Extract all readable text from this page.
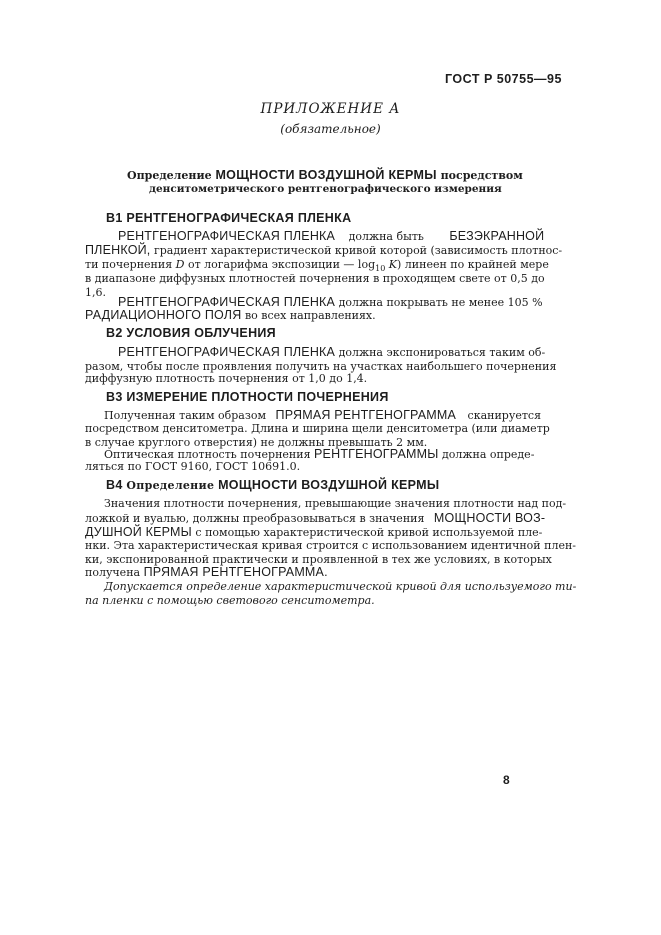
ГОСТ Р 50755—95
ПРИЛОЖЕНИЕ А
(обязательное)
Определение МОЩНОСТИ ВОЗДУШНОЙ КЕРМЫ посредством
денситометрического рентгенографического измерения
В1 РЕНТГЕНОГРАФИЧЕСКАЯ ПЛЕНКА
РЕНТГЕНОГРАФИЧЕСКАЯ ПЛЕНКА должна быть БЕЗЭКРАННОЙ
ПЛЕНКОЙ, градиент характеристической кривой которой (зависимость плотнос-
ти почернения D от логарифма экспозиции — $\log_{10} K$) линеен по крайней мере
в диапазоне диффузных плотностей почернения в проходящем свете от 0,5 до
1,6.
РЕНТГЕНОГРАФИЧЕСКАЯ ПЛЕНКА должна покрывать не менее 105 %
РАДИАЦИОННОГО ПОЛЯ во всех направлениях.
В2 УСЛОВИЯ ОБЛУЧЕНИЯ
РЕНТГЕНОГРАФИЧЕСКАЯ ПЛЕНКА должна экспонироваться таким об-
разом, чтобы после проявления получить на участках наибольшего почернения
диффузную плотность почернения от 1,0 до 1,4.
В3 ИЗМЕРЕНИЕ ПЛОТНОСТИ ПОЧЕРНЕНИЯ
Полученная таким образом ПРЯМАЯ РЕНТГЕНОГРАММА сканируется
посредством денситометра. Длина и ширина щели денситометра (или диаметр
в случае круглого отверстия) не должны превышать 2 мм.
Оптическая плотность почернения РЕНТГЕНОГРАММЫ должна опреде-
ляться по ГОСТ 9160, ГОСТ 10691.0.
В4 Определение МОЩНОСТИ ВОЗДУШНОЙ КЕРМЫ
Значения плотности почернения, превышающие значения плотности над под-
ложкой и вуалью, должны преобразовываться в значения МОЩНОСТИ ВОЗ-
ДУШНОЙ КЕРМЫ с помощью характеристической кривой используемой пле-
нки. Эта характеристическая кривая строится с использованием идентичной плен-
ки, экспонированной практически и проявленной в тех же условиях, в которых
получена ПРЯМАЯ РЕНТГЕНОГРАММА.
Допускается определение характеристической кривой для используемого ти-
па пленки с помощью светового сенситометра.
8
